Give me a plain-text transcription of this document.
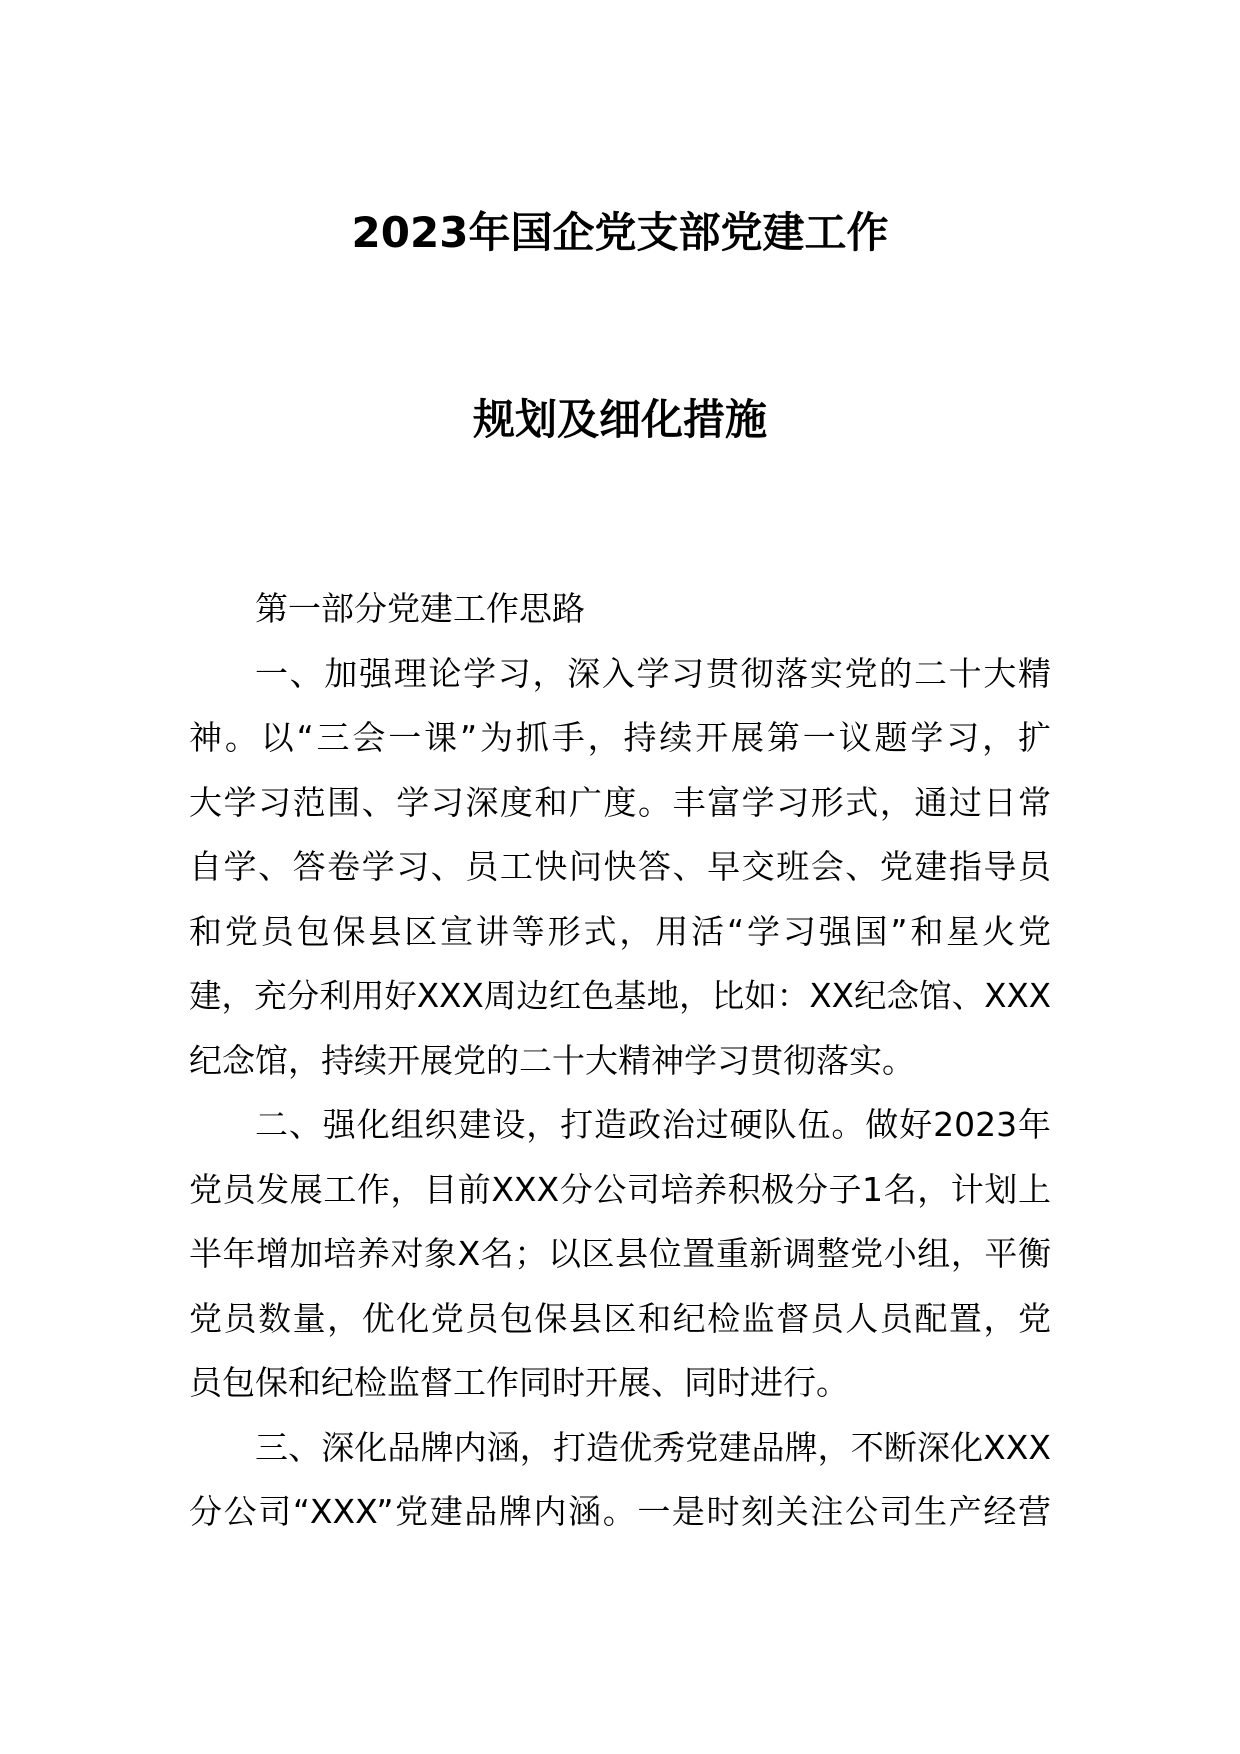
2023年国企党支部党建工作
规划及细化措施
第一部分党建工作思路
一、加强理论学习，深入学习贯彻落实党的二十大精
神。以“三会一课”为抓手，持续开展第一议题学习，扩
大学习范围、学习深度和广度。丰富学习形式，通过日常
自学、答卷学习、员工快问快答、早交班会、党建指导员
和党员包保县区宣讲等形式，用活“学习强国”和星火党
建，充分利用好XXX周边红色基地，比如：XX纪念馆、XXX
纪念馆，持续开展党的二十大精神学习贯彻落实。
二、强化组织建设，打造政治过硬队伍。做好2023年
党员发展工作，目前XXX分公司培养积极分子1名，计划上
半年增加培养对象X名；以区县位置重新调整党小组，平衡
党员数量，优化党员包保县区和纪检监督员人员配置，党
员包保和纪检监督工作同时开展、同时进行。
三、深化品牌内涵，打造优秀党建品牌，不断深化XXX
分公司“XXX”党建品牌内涵。一是时刻关注公司生产经营
